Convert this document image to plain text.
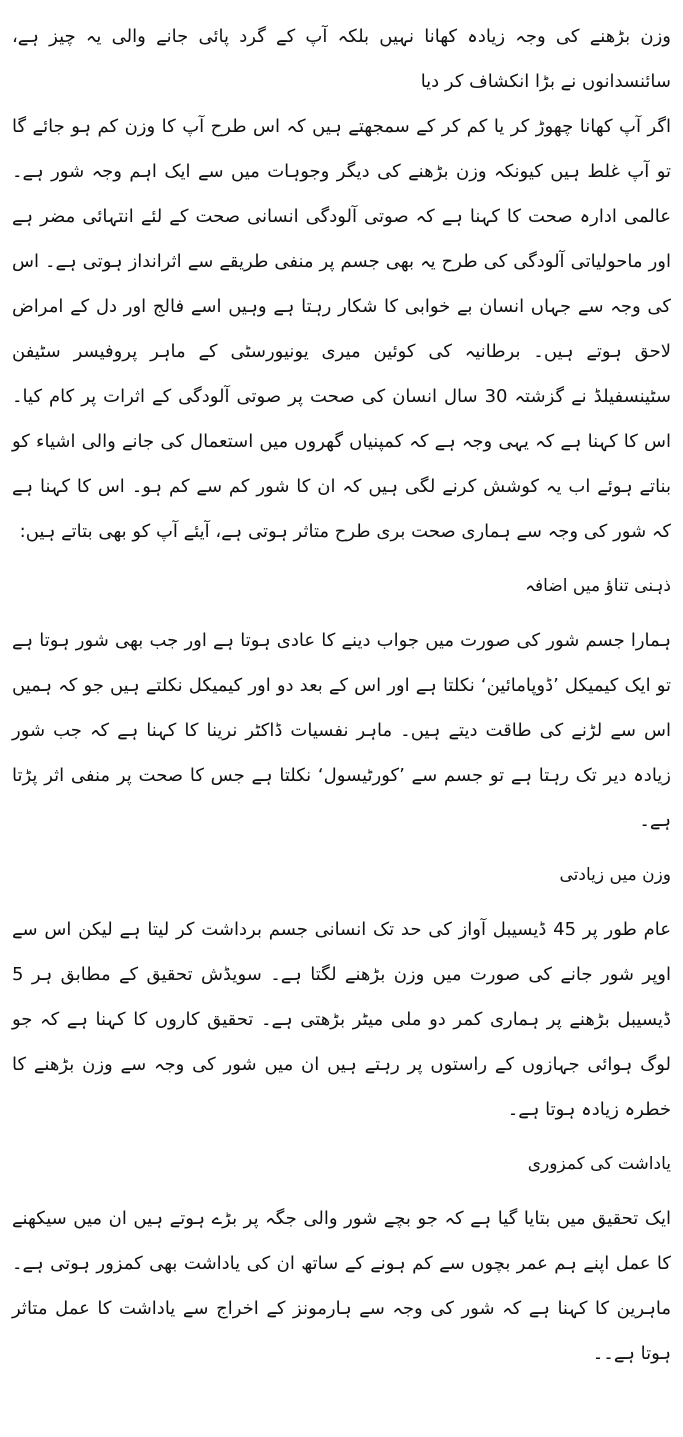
وزن بڑھنے کی وجہ زیادہ کھانا نہیں بلکہ آپ کے گرد پائی جانے والی یہ چیز ہے، سائنسدانوں نے بڑا انکشاف کر دیا

اگر آپ کھانا چھوڑ کر یا کم کر کے سمجھتے ہیں کہ اس طرح آپ کا وزن کم ہو جائے گا تو آپ غلط ہیں کیونکہ وزن بڑھنے کی دیگر وجوہات میں سے ایک اہم وجہ شور ہے۔ عالمی ادارہ صحت کا کہنا ہے کہ صوتی آلودگی انسانی صحت کے لئے انتہائی مضر ہے اور ماحولیاتی آلودگی کی طرح یہ بھی جسم پر منفی طریقے سے اثرانداز ہوتی ہے۔ اس کی وجہ سے جہاں انسان بے خوابی کا شکار رہتا ہے وہیں اسے فالج اور دل کے امراض لاحق ہوتے ہیں۔ برطانیہ کی کوئین میری یونیورسٹی کے ماہر پروفیسر سٹیفن سٹینسفیلڈ نے گزشتہ 30 سال انسان کی صحت پر صوتی آلودگی کے اثرات پر کام کیا۔ اس کا کہنا ہے کہ یہی وجہ ہے کہ کمپنیاں گھروں میں استعمال کی جانے والی اشیاء کو بناتے ہوئے اب یہ کوشش کرنے لگی ہیں کہ ان کا شور کم سے کم ہو۔ اس کا کہنا ہے کہ شور کی وجہ سے ہماری صحت بری طرح متاثر ہوتی ہے، آیئے آپ کو بھی بتاتے ہیں:

ذہنی تناؤ میں اضافہ

ہمارا جسم شور کی صورت میں جواب دینے کا عادی ہوتا ہے اور جب بھی شور ہوتا ہے تو ایک کیمیکل ’ڈوپامائین‘ نکلتا ہے اور اس کے بعد دو اور کیمیکل نکلتے ہیں جو کہ ہمیں اس سے لڑنے کی طاقت دیتے ہیں۔ ماہر نفسیات ڈاکٹر نرینا کا کہنا ہے کہ جب شور زیادہ دیر تک رہتا ہے تو جسم سے ’کورٹیسول‘ نکلتا ہے جس کا صحت پر منفی اثر پڑتا ہے۔

وزن میں زیادتی

عام طور پر 45 ڈیسیبل آواز کی حد تک انسانی جسم برداشت کر لیتا ہے لیکن اس سے اوپر شور جانے کی صورت میں وزن بڑھنے لگتا ہے۔ سویڈش تحقیق کے مطابق ہر 5 ڈیسیبل بڑھنے پر ہماری کمر دو ملی میٹر بڑھتی ہے۔ تحقیق کاروں کا کہنا ہے کہ جو لوگ ہوائی جہازوں کے راستوں پر رہتے ہیں ان میں شور کی وجہ سے وزن بڑھنے کا خطرہ زیادہ ہوتا ہے۔

یاداشت کی کمزوری

ایک تحقیق میں بتایا گیا ہے کہ جو بچے شور والی جگہ پر بڑے ہوتے ہیں ان میں سیکھنے کا عمل اپنے ہم عمر بچوں سے کم ہونے کے ساتھ ان کی یاداشت بھی کمزور ہوتی ہے۔ ماہرین کا کہنا ہے کہ شور کی وجہ سے ہارمونز کے اخراج سے یاداشت کا عمل متاثر ہوتا ہے۔۔
